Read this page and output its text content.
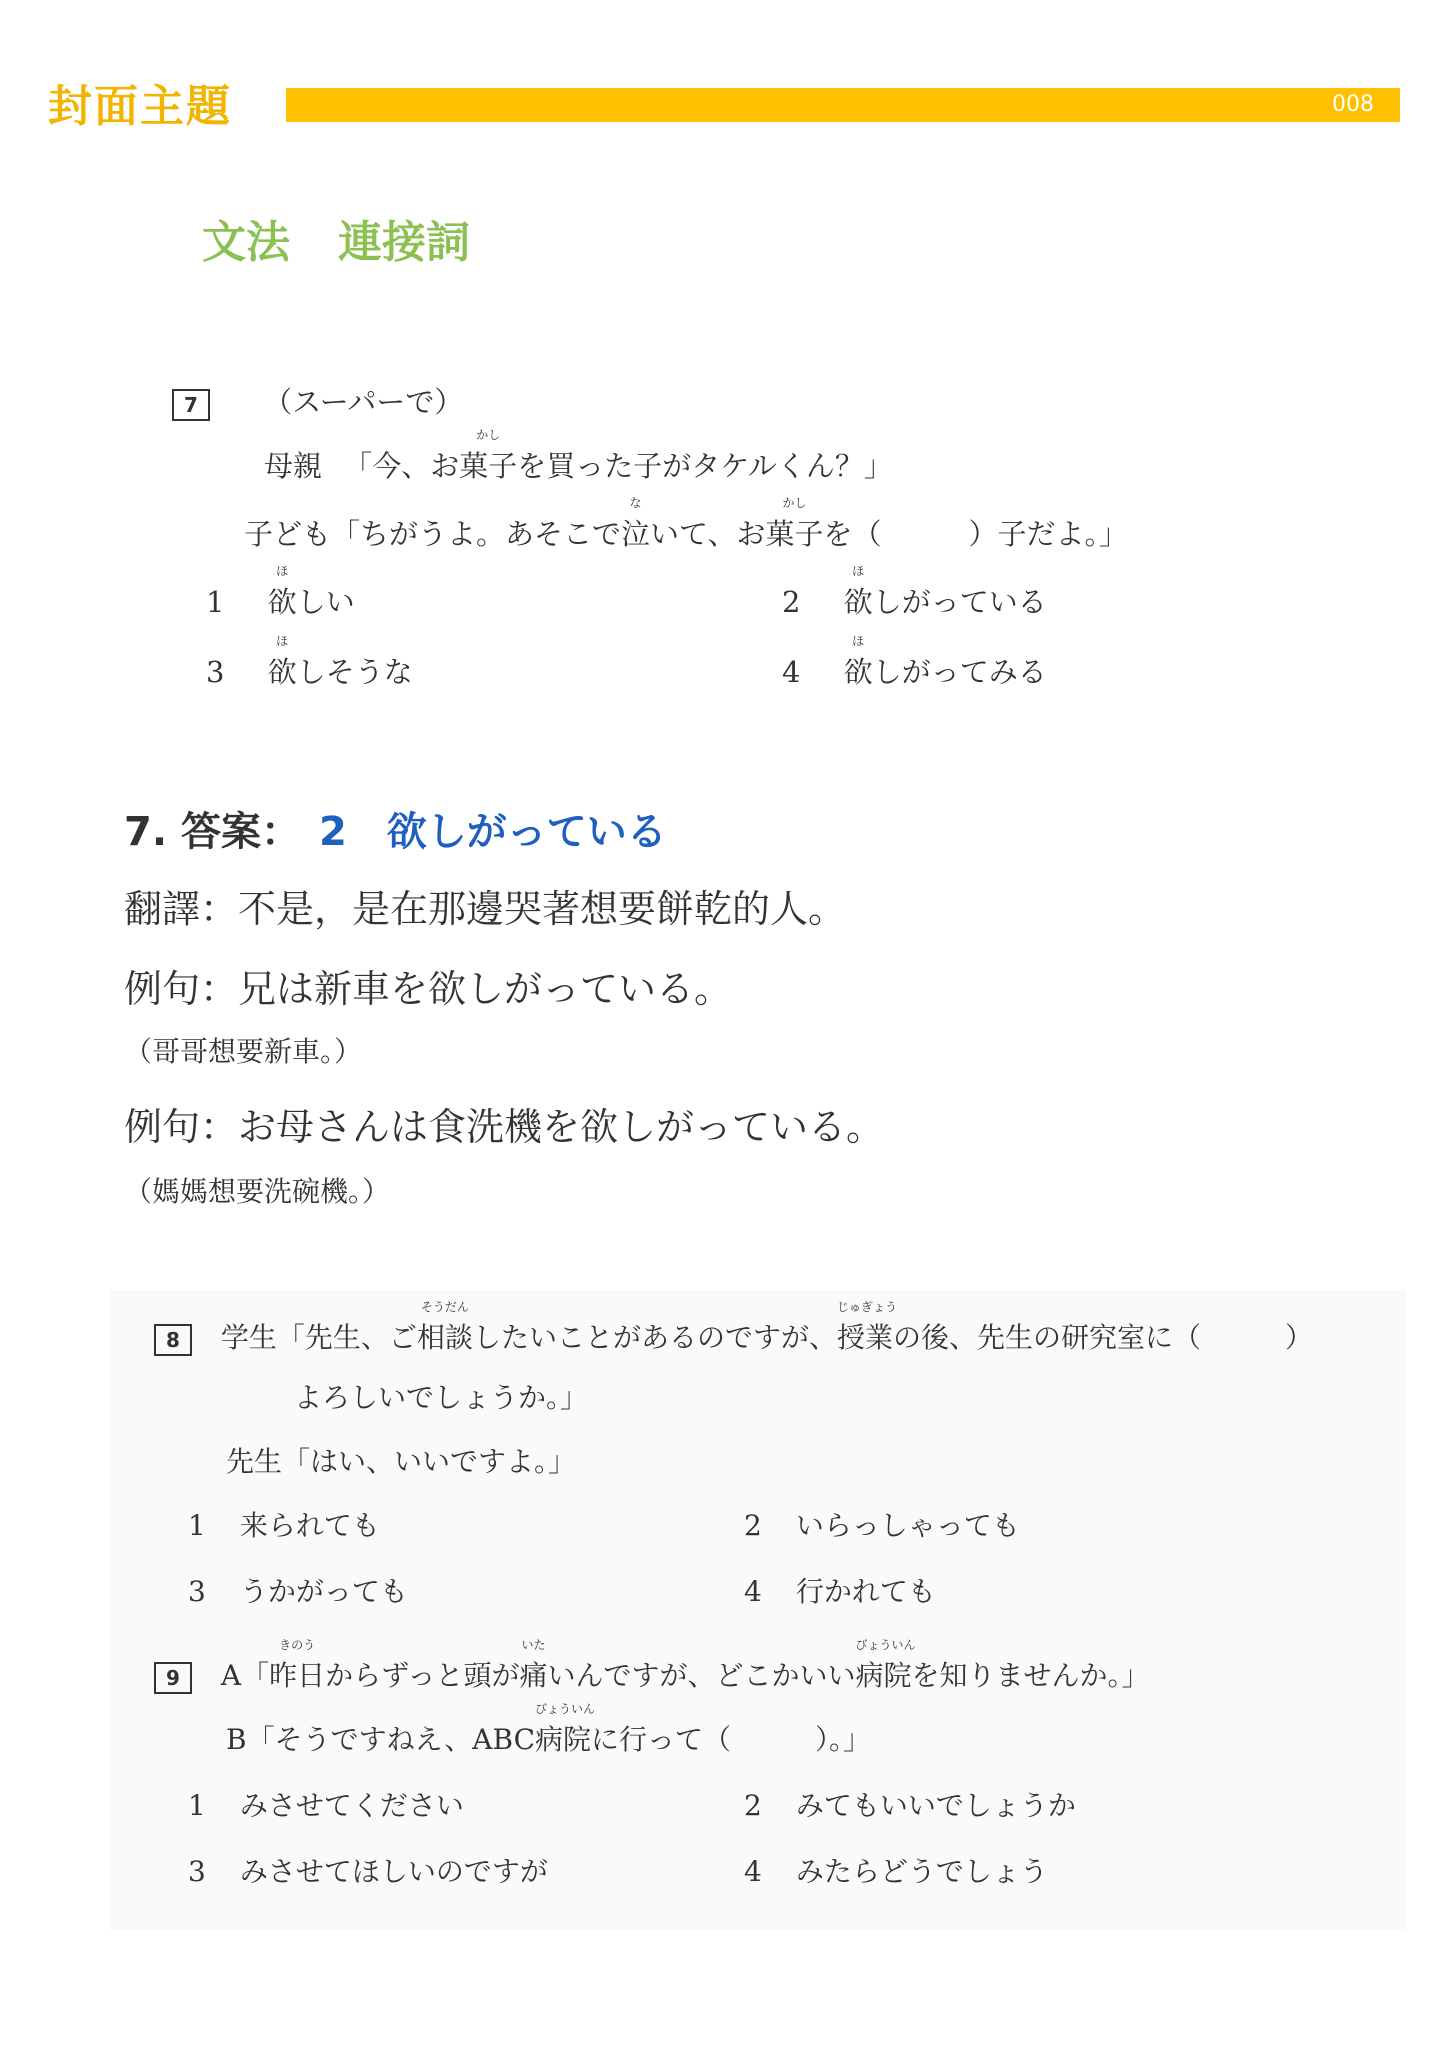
封面主題	008
文法 連接詞
7 （スーパーで）
母親 「今、お
かし
菓子を買った子がタケルくん？」
子ども「ちがうよ。あそこで
な
泣いて、お
かし
菓子を（　　　）子だよ。」
1
ほ
欲しい	2
ほ
欲しがっている
3
ほ
欲しそうな	4
ほ
欲しがってみる
7. 答案： 2 欲しがっている
翻譯：不是，是在那邊哭著想要餅乾的人。
例句：兄は新車を欲しがっている。
（哥哥想要新車。）
例句：お母さんは食洗機を欲しがっている。
（媽媽想要洗碗機。）
8 学生「先生、ご
そうだん
相談したいことがあるのですが、
じゅぎょう
授業の後、先生の研究室に（　　　）
よろしいでしょうか。」
先生「はい、いいですよ。」
1 来られても	2 いらっしゃっても
3 うかがっても	4 行かれても
9 A「
きのう
昨日からずっと頭が
いた
痛いんですが、どこかいい
びょういん
病院を知りませんか。」
B「そうですねえ、ABC
びょういん
病院に行って（　　　）。」
1 みさせてください	2 みてもいいでしょうか
3 みさせてほしいのですが	4 みたらどうでしょう
